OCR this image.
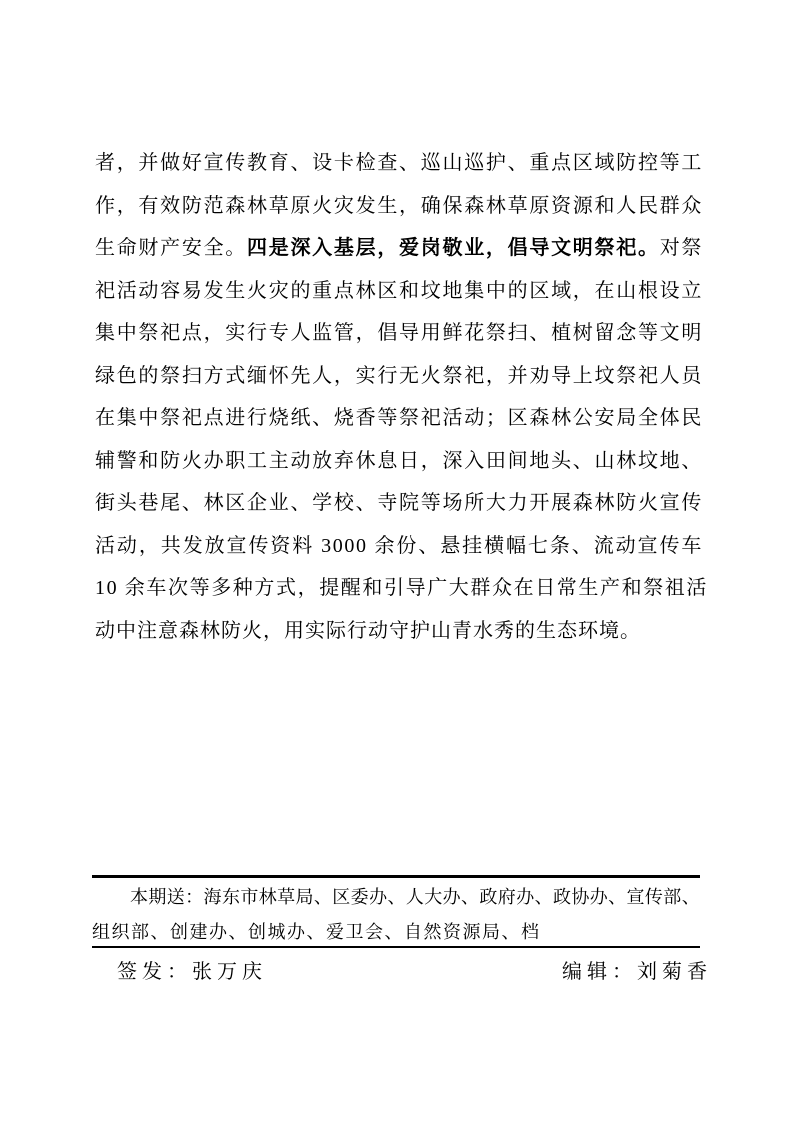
者，并做好宣传教育、设卡检查、巡山巡护、重点区域防控等工
作，有效防范森林草原火灾发生，确保森林草原资源和人民群众
生命财产安全。四是深入基层，爱岗敬业，倡导文明祭祀。对祭
祀活动容易发生火灾的重点林区和坟地集中的区域，在山根设立
集中祭祀点，实行专人监管，倡导用鲜花祭扫、植树留念等文明
绿色的祭扫方式缅怀先人，实行无火祭祀，并劝导上坟祭祀人员
在集中祭祀点进行烧纸、烧香等祭祀活动；区森林公安局全体民
辅警和防火办职工主动放弃休息日，深入田间地头、山林坟地、
街头巷尾、林区企业、学校、寺院等场所大力开展森林防火宣传
活动，共发放宣传资料 3000 余份、悬挂横幅七条、流动宣传车
10 余车次等多种方式，提醒和引导广大群众在日常生产和祭祖活
动中注意森林防火，用实际行动守护山青水秀的生态环境。
本期送：海东市林草局、区委办、人大办、政府办、政协办、宣传部、
组织部、创建办、创城办、爱卫会、自然资源局、档
签发：张万庆	编辑：刘菊香
